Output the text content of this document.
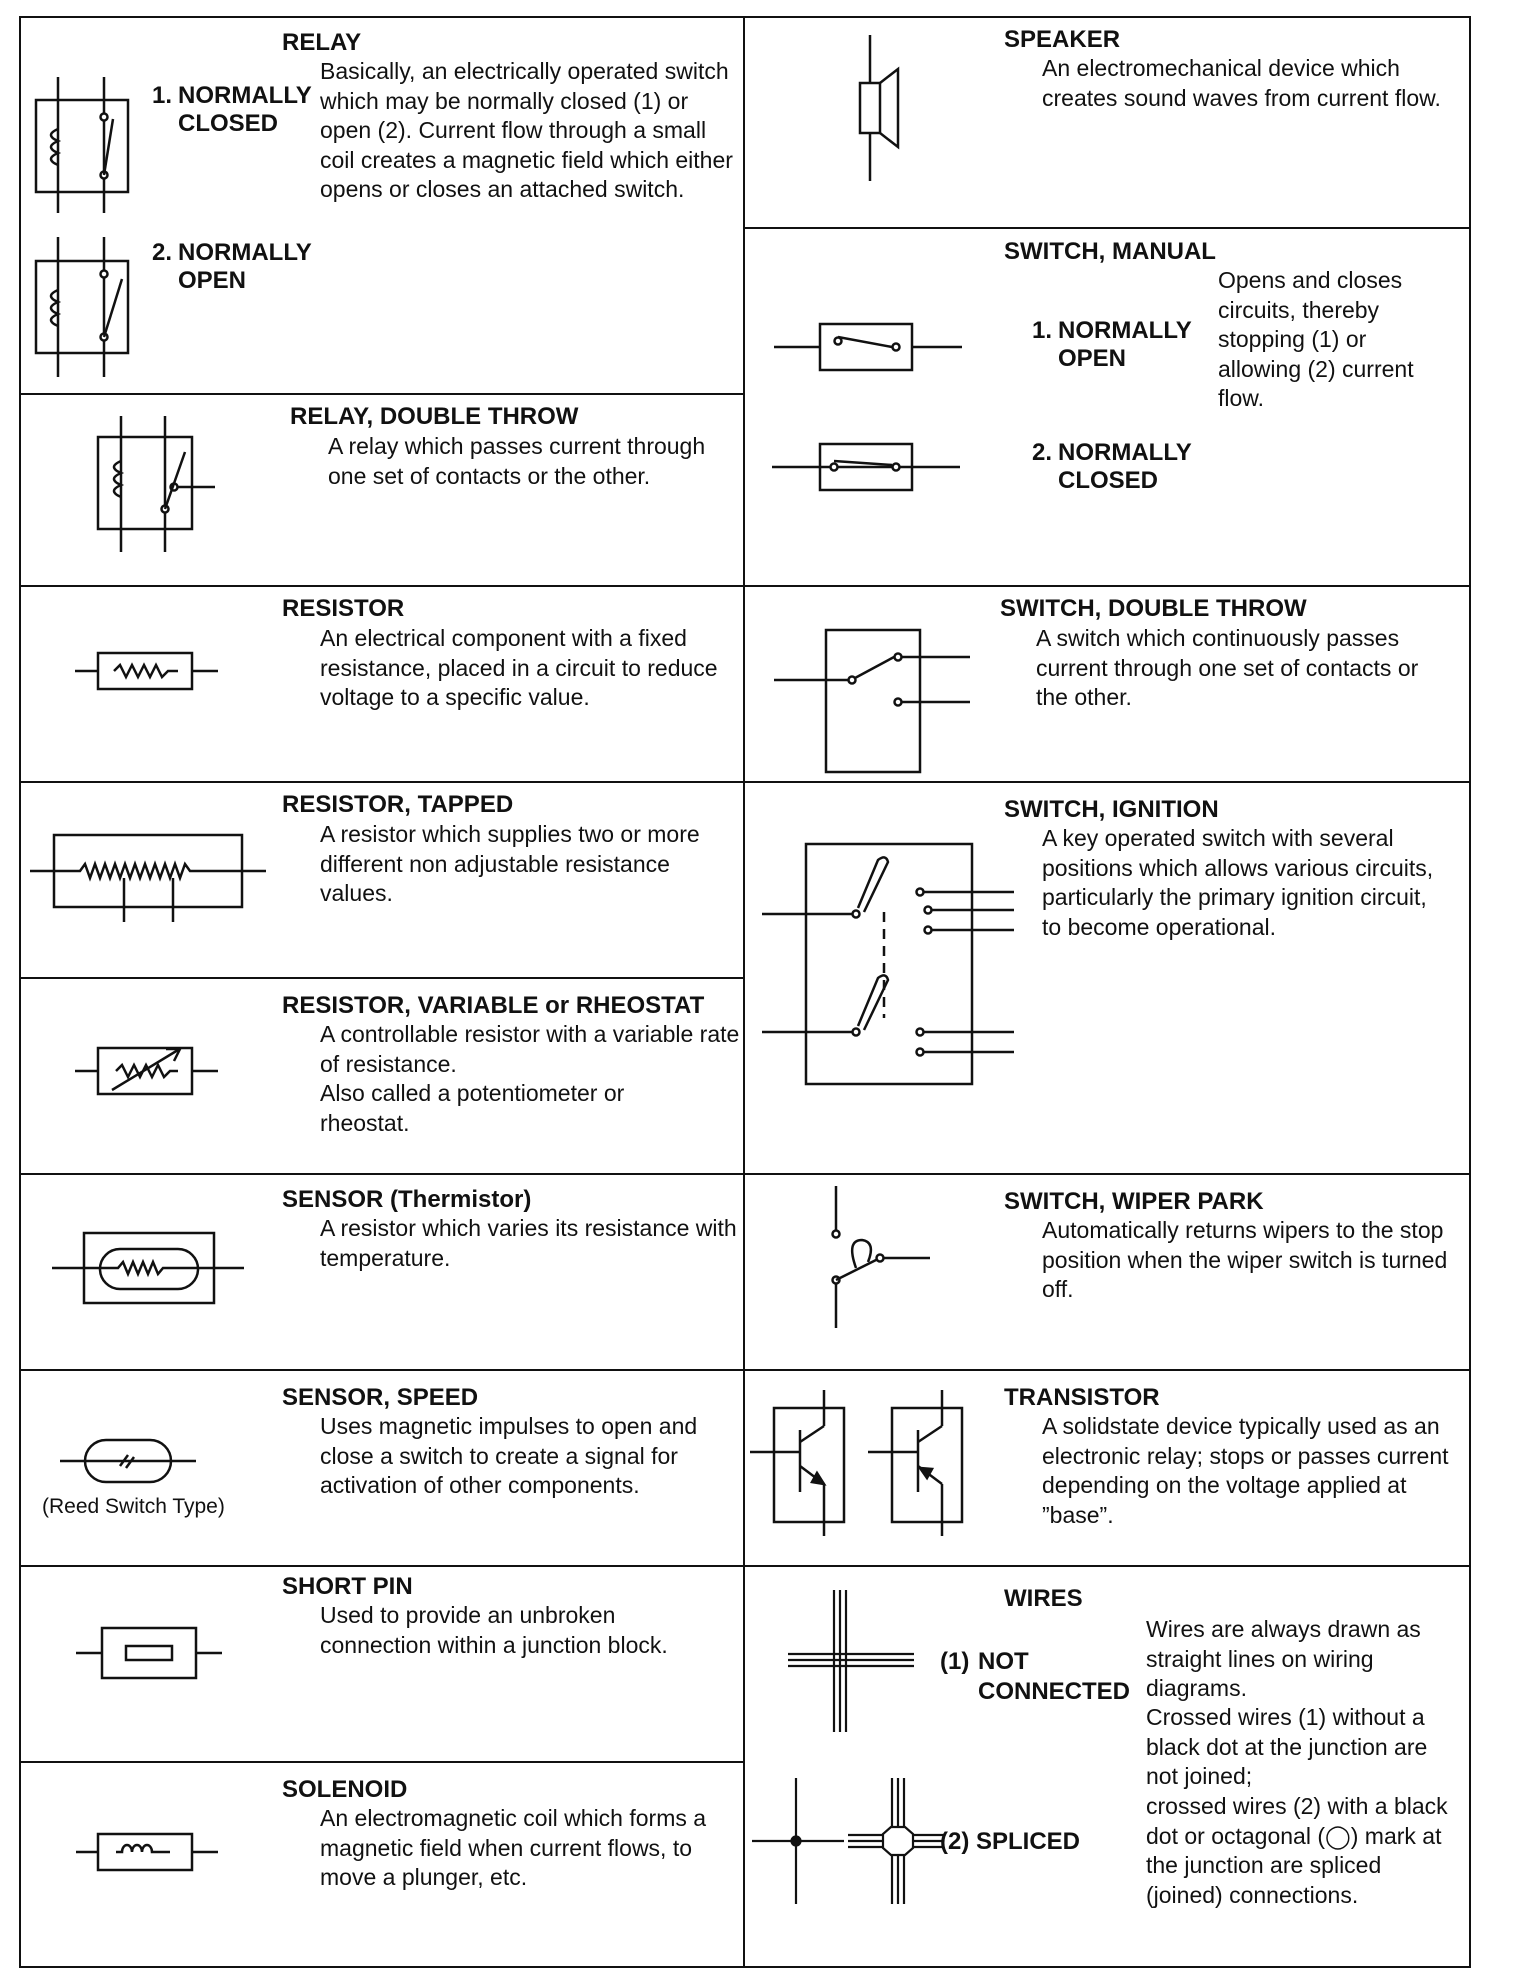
RELAY
1. NORMALLY
CLOSED
2. NORMALLY
OPEN
Basically, an electrically operated switch which may be normally closed (1) or open (2). Current flow through a small coil creates a magnetic field which either opens or closes an attached switch.
RELAY, DOUBLE THROW
A relay which passes current through one set of contacts or the other.
RESISTOR
An electrical component with a fixed resistance, placed in a circuit to reduce voltage to a specific value.
RESISTOR, TAPPED
A resistor which supplies two or more different non adjustable resistance values.
RESISTOR, VARIABLE or RHEOSTAT
A controllable resistor with a variable rate of resistance.
Also called a potentiometer or rheostat.
SENSOR (Thermistor)
A resistor which varies its resistance with temperature.
(Reed Switch Type)
SENSOR, SPEED
Uses magnetic impulses to open and close a switch to create a signal for activation of other components.
SHORT PIN
Used to provide an unbroken connection within a junction block.
SOLENOID
An electromagnetic coil which forms a magnetic field when current flows, to move a plunger, etc.
SPEAKER
An electromechanical device which creates sound waves from current flow.
SWITCH, MANUAL
1. NORMALLY
OPEN
2. NORMALLY
CLOSED
Opens and closes circuits, thereby stopping (1) or allowing (2) current flow.
SWITCH, DOUBLE THROW
A switch which continuously passes current through one set of contacts or the other.
SWITCH, IGNITION
A key operated switch with several positions which allows various circuits, particularly the primary ignition circuit, to become operational.
SWITCH, WIPER PARK
Automatically returns wipers to the stop position when the wiper switch is turned off.
TRANSISTOR
A solidstate device typically used as an electronic relay; stops or passes current depending on the voltage applied at ”base”.
WIRES
(1) NOT
CONNECTED
(2) SPLICED
Wires are always drawn as straight lines on wiring diagrams.
Crossed wires (1) without a black dot at the junction are not joined;
crossed wires (2) with a black dot or octagonal (◯) mark at the junction are spliced (joined) connections.
